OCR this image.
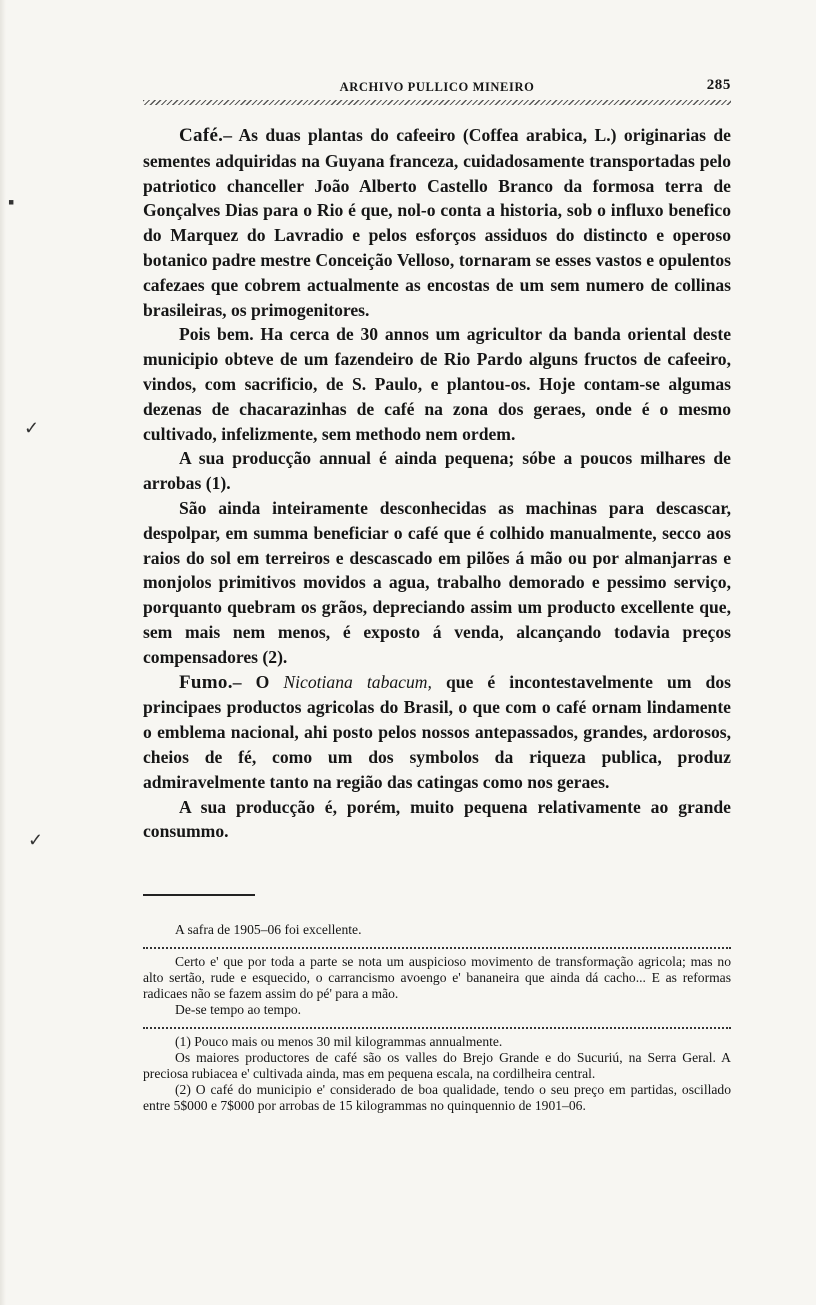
▪
✓
✓
ARCHIVO PULLICO MINEIRO	285

Café.– As duas plantas do cafeeiro (Coffea arabica, L.) originarias de sementes adquiridas na Guyana franceza, cuidadosamente transportadas pelo patriotico chanceller João Alberto Castello Branco da formosa terra de Gonçalves Dias para o Rio é que, nol-o conta a historia, sob o influxo benefico do Marquez do Lavradio e pelos esforços assiduos do distincto e operoso botanico padre mestre Conceição Velloso, tornaram se esses vastos e opulentos cafezaes que cobrem actualmente as encostas de um sem numero de collinas brasileiras, os primogenitores.

Pois bem. Ha cerca de 30 annos um agricultor da banda oriental deste municipio obteve de um fazendeiro de Rio Pardo alguns fructos de cafeeiro, vindos, com sacrificio, de S. Paulo, e plantou-os. Hoje contam-se algumas dezenas de chacarazinhas de café na zona dos geraes, onde é o mesmo cultivado, infelizmente, sem methodo nem ordem.

A sua producção annual é ainda pequena; sóbe a poucos milhares de arrobas (1).

São ainda inteiramente desconhecidas as machinas para descascar, despolpar, em summa beneficiar o café que é colhido manualmente, secco aos raios do sol em terreiros e descascado em pilões á mão ou por almanjarras e monjolos primitivos movidos a agua, trabalho demorado e pessimo serviço, porquanto quebram os grãos, depreciando assim um producto excellente que, sem mais nem menos, é exposto á venda, alcançando todavia preços compensadores (2).

Fumo.– O Nicotiana tabacum, que é incontestavelmente um dos principaes productos agricolas do Brasil, o que com o café ornam lindamente o emblema nacional, ahi posto pelos nossos antepassados, grandes, ardorosos, cheios de fé, como um dos symbolos da riqueza publica, produz admiravelmente tanto na região das catingas como nos geraes.

A sua producção é, porém, muito pequena relativamente ao grande consummo.

A safra de 1905–06 foi excellente.

Certo e' que por toda a parte se nota um auspicioso movimento de transformação agricola; mas no alto sertão, rude e esquecido, o carrancismo avoengo e' bananeira que ainda dá cacho... E as reformas radicaes não se fazem assim do pé' para a mão.

De-se tempo ao tempo.

(1) Pouco mais ou menos 30 mil kilogrammas annualmente.

Os maiores productores de café são os valles do Brejo Grande e do Sucuriú, na Serra Geral. A preciosa rubiacea e' cultivada ainda, mas em pequena escala, na cordilheira central.

(2) O café do municipio e' considerado de boa qualidade, tendo o seu preço em partidas, oscillado entre 5$000 e 7$000 por arrobas de 15 kilogrammas no quinquennio de 1901–06.
